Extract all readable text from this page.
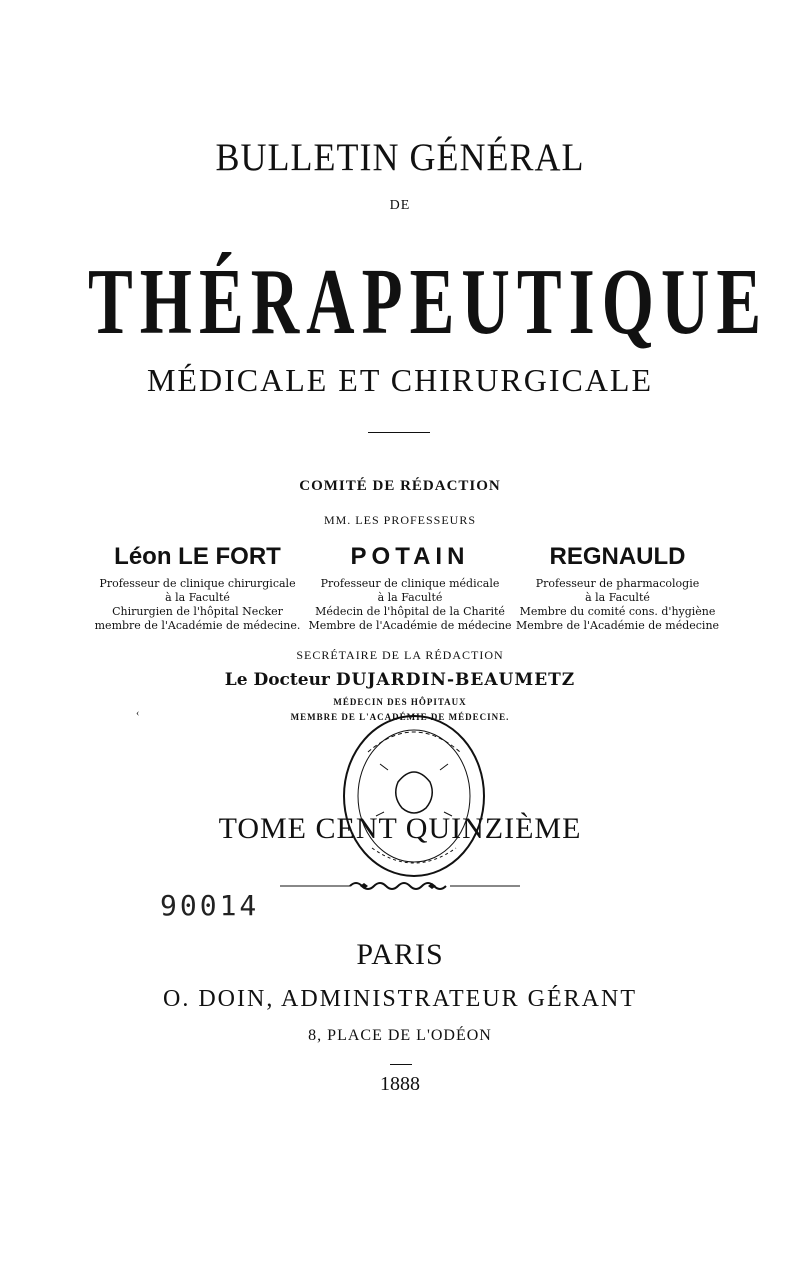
BULLETIN GÉNÉRAL
DE
THÉRAPEUTIQUE
MÉDICALE ET CHIRURGICALE
COMITÉ DE RÉDACTION
MM. LES PROFESSEURS
Léon LE FORT
Professeur de clinique chirurgicale
à la Faculté
Chirurgien de l'hôpital Necker
membre de l'Académie de médecine.
POTAIN
Professeur de clinique médicale
à la Faculté
Médecin de l'hôpital de la Charité
Membre de l'Académie de médecine
REGNAULD
Professeur de pharmacologie
à la Faculté
Membre du comité cons. d'hygiène
Membre de l'Académie de médecine
SECRÉTAIRE DE LA RÉDACTION
Le Docteur DUJARDIN-BEAUMETZ
MÉDECIN DES HÔPITAUX
MEMBRE DE L'ACADÉMIE DE MÉDECINE.
‹
TOME CENT QUINZIÈME
90014
PARIS
O. DOIN, ADMINISTRATEUR GÉRANT
8, PLACE DE L'ODÉON
1888
